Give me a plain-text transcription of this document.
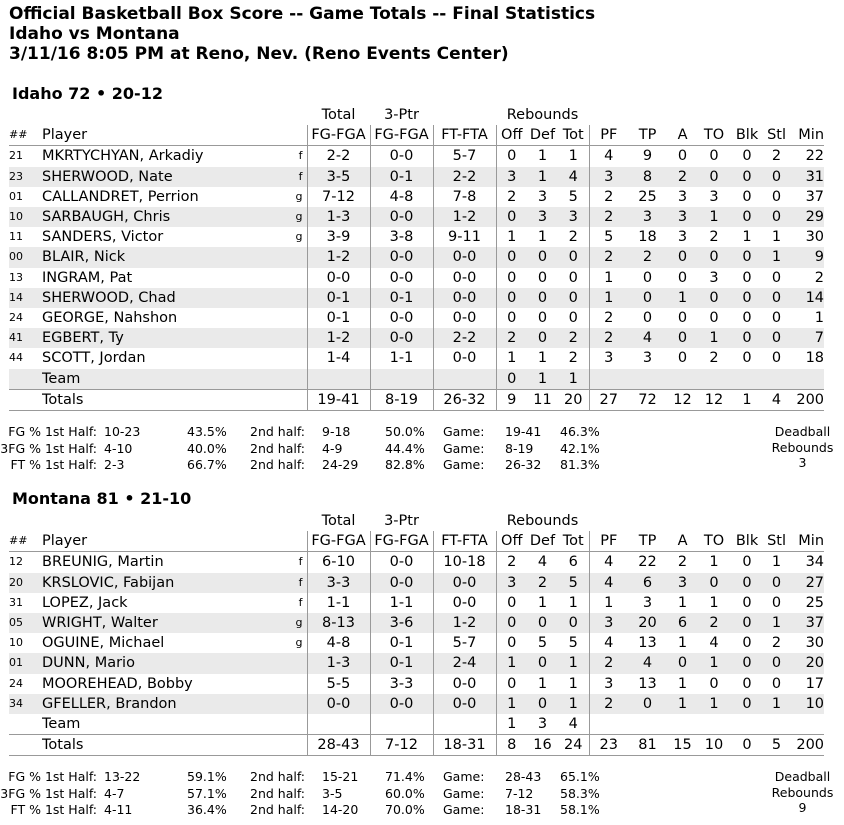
Official Basketball Box Score -- Game Totals -- Final Statistics
Idaho vs Montana
3/11/16 8:05 PM at Reno, Nev. (Reno Events Center)
Idaho 72 • 20-12
			Total	3-Ptr		Rebounds									
##	Player		FG-FGA	FG-FGA	FT-FTA	Off	Def	Tot	PF	TP	A	TO	Blk	Stl	Min
21	MKRTYCHYAN, Arkadiy	f	2-2	0-0	5-7	0	1	1	4	9	0	0	0	2	22
23	SHERWOOD, Nate	f	3-5	0-1	2-2	3	1	4	3	8	2	0	0	0	31
01	CALLANDRET, Perrion	g	7-12	4-8	7-8	2	3	5	2	25	3	3	0	0	37
10	SARBAUGH, Chris	g	1-3	0-0	1-2	0	3	3	2	3	3	1	0	0	29
11	SANDERS, Victor	g	3-9	3-8	9-11	1	1	2	5	18	3	2	1	1	30
00	BLAIR, Nick		1-2	0-0	0-0	0	0	0	2	2	0	0	0	1	9
13	INGRAM, Pat		0-0	0-0	0-0	0	0	0	1	0	0	3	0	0	2
14	SHERWOOD, Chad		0-1	0-1	0-0	0	0	0	1	0	1	0	0	0	14
24	GEORGE, Nahshon		0-1	0-0	0-0	0	0	0	2	0	0	0	0	0	1
41	EGBERT, Ty		1-2	0-0	2-2	2	0	2	2	4	0	1	0	0	7
44	SCOTT, Jordan		1-4	1-1	0-0	1	1	2	3	3	0	2	0	0	18
	Team					0	1	1							
	Totals		19-41	8-19	26-32	9	11	20	27	72	12	12	1	4	200
FG % 1st Half: 10-23	43.5% 2nd half: 9-18	50.0% Game: 19-41 46.3%
3FG % 1st Half: 4-10	40.0% 2nd half: 4-9	44.4% Game: 8-19 42.1%
FT % 1st Half: 2-3	66.7% 2nd half: 24-29 82.8% Game: 26-32 81.3%
Deadball
Rebounds
3
Montana 81 • 21-10
			Total	3-Ptr		Rebounds									
##	Player		FG-FGA	FG-FGA	FT-FTA	Off	Def	Tot	PF	TP	A	TO	Blk	Stl	Min
12	BREUNIG, Martin	f	6-10	0-0	10-18	2	4	6	4	22	2	1	0	1	34
20	KRSLOVIC, Fabijan	f	3-3	0-0	0-0	3	2	5	4	6	3	0	0	0	27
31	LOPEZ, Jack	f	1-1	1-1	0-0	0	1	1	1	3	1	1	0	0	25
05	WRIGHT, Walter	g	8-13	3-6	1-2	0	0	0	3	20	6	2	0	1	37
10	OGUINE, Michael	g	4-8	0-1	5-7	0	5	5	4	13	1	4	0	2	30
01	DUNN, Mario		1-3	0-1	2-4	1	0	1	2	4	0	1	0	0	20
24	MOOREHEAD, Bobby		5-5	3-3	0-0	0	1	1	3	13	1	0	0	0	17
34	GFELLER, Brandon		0-0	0-0	0-0	1	0	1	2	0	1	1	0	1	10
	Team					1	3	4							
	Totals		28-43	7-12	18-31	8	16	24	23	81	15	10	0	5	200
FG % 1st Half: 13-22	59.1% 2nd half: 15-21 71.4% Game: 28-43 65.1%
3FG % 1st Half: 4-7	57.1% 2nd half: 3-5	60.0% Game: 7-12 58.3%
FT % 1st Half: 4-11	36.4% 2nd half: 14-20 70.0% Game: 18-31 58.1%
Deadball
Rebounds
9
